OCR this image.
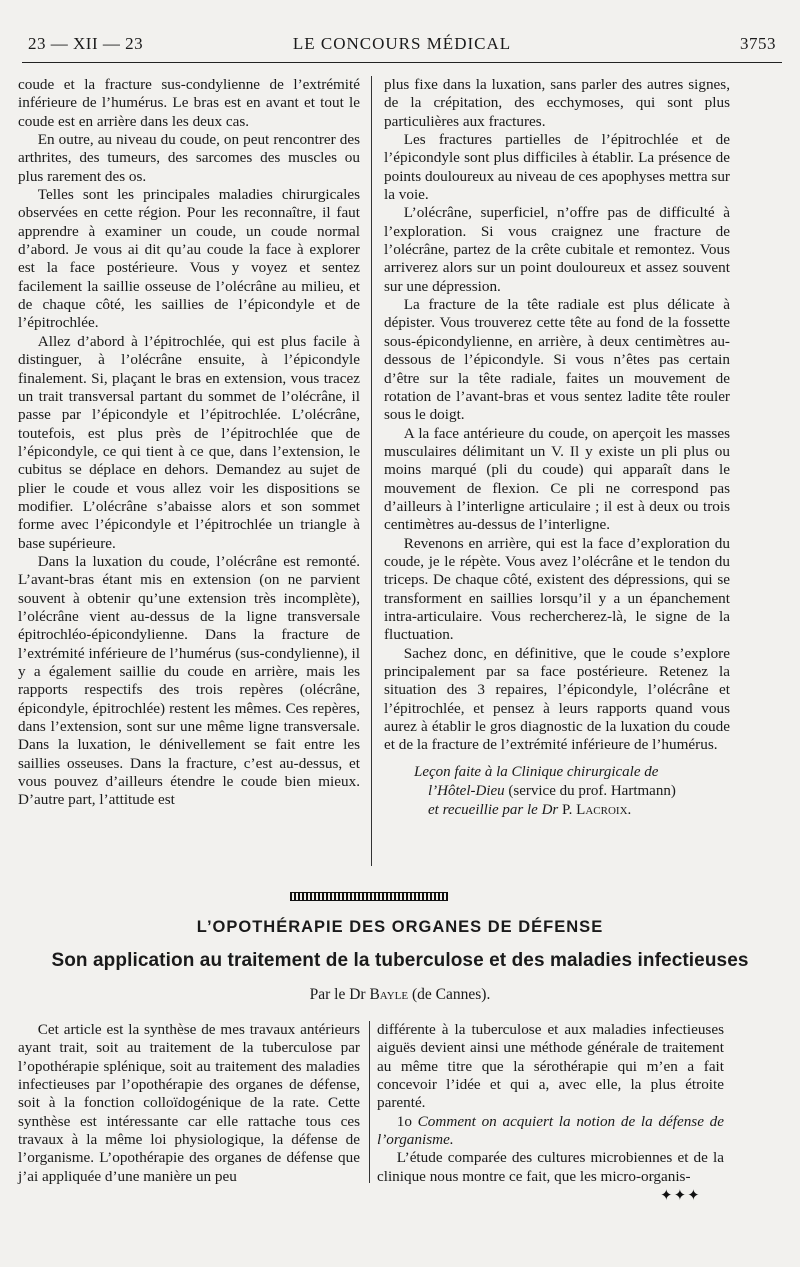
23 — XII — 23	LE CONCOURS MÉDICAL	3753

coude et la fracture sus-condylienne de l’extrémité inférieure de l’humérus. Le bras est en avant et tout le coude est en arrière dans les deux cas.

En outre, au niveau du coude, on peut rencontrer des arthrites, des tumeurs, des sarcomes des muscles ou plus rarement des os.

Telles sont les principales maladies chirurgicales observées en cette région. Pour les reconnaître, il faut apprendre à examiner un coude, un coude normal d’abord. Je vous ai dit qu’au coude la face à explorer est la face postérieure. Vous y voyez et sentez facilement la saillie osseuse de l’olécrâne au milieu, et de chaque côté, les saillies de l’épicondyle et de l’épitrochlée.

Allez d’abord à l’épitrochlée, qui est plus facile à distinguer, à l’olécrâne ensuite, à l’épicondyle finalement. Si, plaçant le bras en extension, vous tracez un trait transversal partant du sommet de l’olécrâne, il passe par l’épicondyle et l’épitrochlée. L’olécrâne, toutefois, est plus près de l’épitrochlée que de l’épicondyle, ce qui tient à ce que, dans l’extension, le cubitus se déplace en dehors. Demandez au sujet de plier le coude et vous allez voir les dispositions se modifier. L’olécrâne s’abaisse alors et son sommet forme avec l’épicondyle et l’épitrochlée un triangle à base supérieure.

Dans la luxation du coude, l’olécrâne est remonté. L’avant-bras étant mis en extension (on ne parvient souvent à obtenir qu’une extension très incomplète), l’olécrâne vient au-dessus de la ligne transversale épitrochléo-épicondylienne. Dans la fracture de l’extrémité inférieure de l’humérus (sus-condylienne), il y a également saillie du coude en arrière, mais les rapports respectifs des trois repères (olécrâne, épicondyle, épitrochlée) restent les mêmes. Ces repères, dans l’extension, sont sur une même ligne transversale. Dans la luxation, le dénivellement se fait entre les saillies osseuses. Dans la fracture, c’est au-dessus, et vous pouvez d’ailleurs étendre le coude bien mieux. D’autre part, l’attitude est

plus fixe dans la luxation, sans parler des autres signes, de la crépitation, des ecchymoses, qui sont plus particulières aux fractures.

Les fractures partielles de l’épitrochlée et de l’épicondyle sont plus difficiles à établir. La présence de points douloureux au niveau de ces apophyses mettra sur la voie.

L’olécrâne, superficiel, n’offre pas de difficulté à l’exploration. Si vous craignez une fracture de l’olécrâne, partez de la crête cubitale et remontez. Vous arriverez alors sur un point douloureux et assez souvent sur une dépression.

La fracture de la tête radiale est plus délicate à dépister. Vous trouverez cette tête au fond de la fossette sous-épicondylienne, en arrière, à deux centimètres au-dessous de l’épicondyle. Si vous n’êtes pas certain d’être sur la tête radiale, faites un mouvement de rotation de l’avant-bras et vous sentez ladite tête rouler sous le doigt.

A la face antérieure du coude, on aperçoit les masses musculaires délimitant un V. Il y existe un pli plus ou moins marqué (pli du coude) qui apparaît dans le mouvement de flexion. Ce pli ne correspond pas d’ailleurs à l’interligne articulaire ; il est à deux ou trois centimètres au-dessus de l’interligne.

Revenons en arrière, qui est la face d’exploration du coude, je le répète. Vous avez l’olécrâne et le tendon du triceps. De chaque côté, existent des dépressions, qui se transforment en saillies lorsqu’il y a un épanchement intra-articulaire. Vous rechercherez-là, le signe de la fluctuation.

Sachez donc, en définitive, que le coude s’explore principalement par sa face postérieure. Retenez la situation des 3 repaires, l’épicondyle, l’olécrâne et l’épitrochlée, et pensez à leurs rapports quand vous aurez à établir le gros diagnostic de la luxation du coude et de la fracture de l’extrémité inférieure de l’humérus.

Leçon faite à la Clinique chirurgicale de
l’Hôtel-Dieu (service du prof. Hartmann)
et recueillie par le Dr P. Lacroix.
L’OPOTHÉRAPIE DES ORGANES DE DÉFENSE
Son application au traitement de la tuberculose et des maladies infectieuses
Par le Dr Bayle (de Cannes).

Cet article est la synthèse de mes travaux antérieurs ayant trait, soit au traitement de la tuberculose par l’opothérapie splénique, soit au traitement des maladies infectieuses par l’opothérapie des organes de défense, soit à la fonction colloïdogénique de la rate. Cette synthèse est intéressante car elle rattache tous ces travaux à la même loi physiologique, la défense de l’organisme. L’opothérapie des organes de défense que j’ai appliquée d’une manière un peu

différente à la tuberculose et aux maladies infectieuses aiguës devient ainsi une méthode générale de traitement au même titre que la sérothérapie qui m’en a fait concevoir l’idée et qui a, avec elle, la plus étroite parenté.

1o Comment on acquiert la notion de la défense de l’organisme.

L’étude comparée des cultures microbiennes et de la clinique nous montre ce fait, que les micro-organis-

✦✦✦
